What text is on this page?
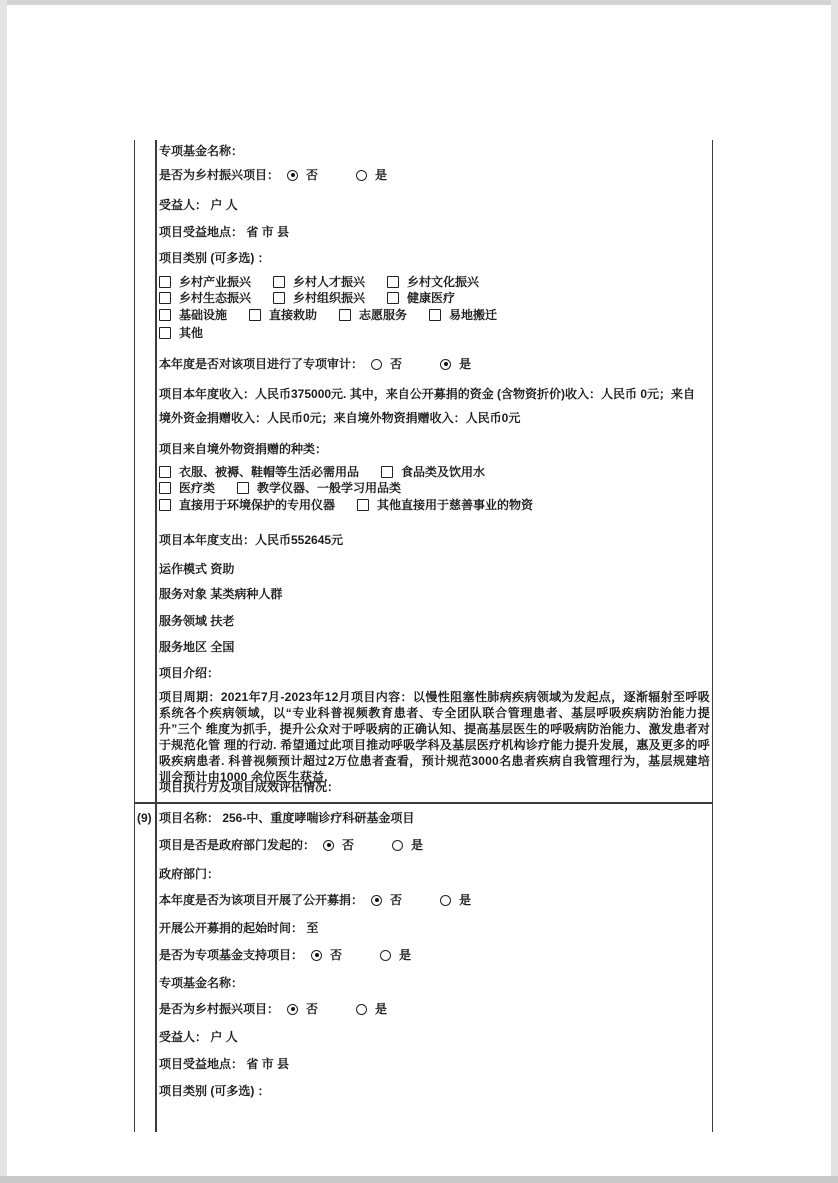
专项基金名称：
是否为乡村振兴项目： 否	是
受益人： 户 人
项目受益地点： 省 市 县
项目类别 (可多选) ：
乡村产业振兴	乡村人才振兴	乡村文化振兴
乡村生态振兴	乡村组织振兴	健康医疗
基础设施	直接救助	志愿服务	易地搬迁
其他
本年度是否对该项目进行了专项审计： 否	是
项目本年度收入：人民币375000元. 其中，来自公开募捐的资金 (含物资折价)收入：人民币 0元；来自
境外资金捐赠收入：人民币0元；来自境外物资捐赠收入：人民币0元
项目来自境外物资捐赠的种类：
衣服、被褥、鞋帽等生活必需用品	食品类及饮用水
医疗类	教学仪器、一般学习用品类
直接用于环境保护的专用仪器	其他直接用于慈善事业的物资
项目本年度支出：人民币552645元
运作模式 资助
服务对象 某类病种人群
服务领域 扶老
服务地区 全国
项目介绍：
项目周期：2021年7月-2023年12月项目内容：以慢性阻塞性肺病疾病领域为发起点，逐渐辐射至呼吸系统各个疾病领域，以“专业科普视频教育患者、专全团队联合管理患者、基层呼吸疾病防治能力提升”三个 维度为抓手，提升公众对于呼吸病的正确认知、提高基层医生的呼吸病防治能力、激发患者对于规范化管 理的行动. 希望通过此项目推动呼吸学科及基层医疗机构诊疗能力提升发展，惠及更多的呼吸疾病患者. 科普视频预计超过2万位患者查看，预计规范3000名患者疾病自我管理行为，基层规建培训会预计由1000 余位医生获益.
项目执行方及项目成效评估情况：
(9) 项目名称： 256-中、重度哮喘诊疗科研基金项目
项目是否是政府部门发起的： 否	是
政府部门：
本年度是否为该项目开展了公开募捐： 否	是
开展公开募捐的起始时间： 至
是否为专项基金支持项目： 否	是
专项基金名称：
是否为乡村振兴项目： 否	是
受益人： 户 人
项目受益地点： 省 市 县
项目类别 (可多选) ：
